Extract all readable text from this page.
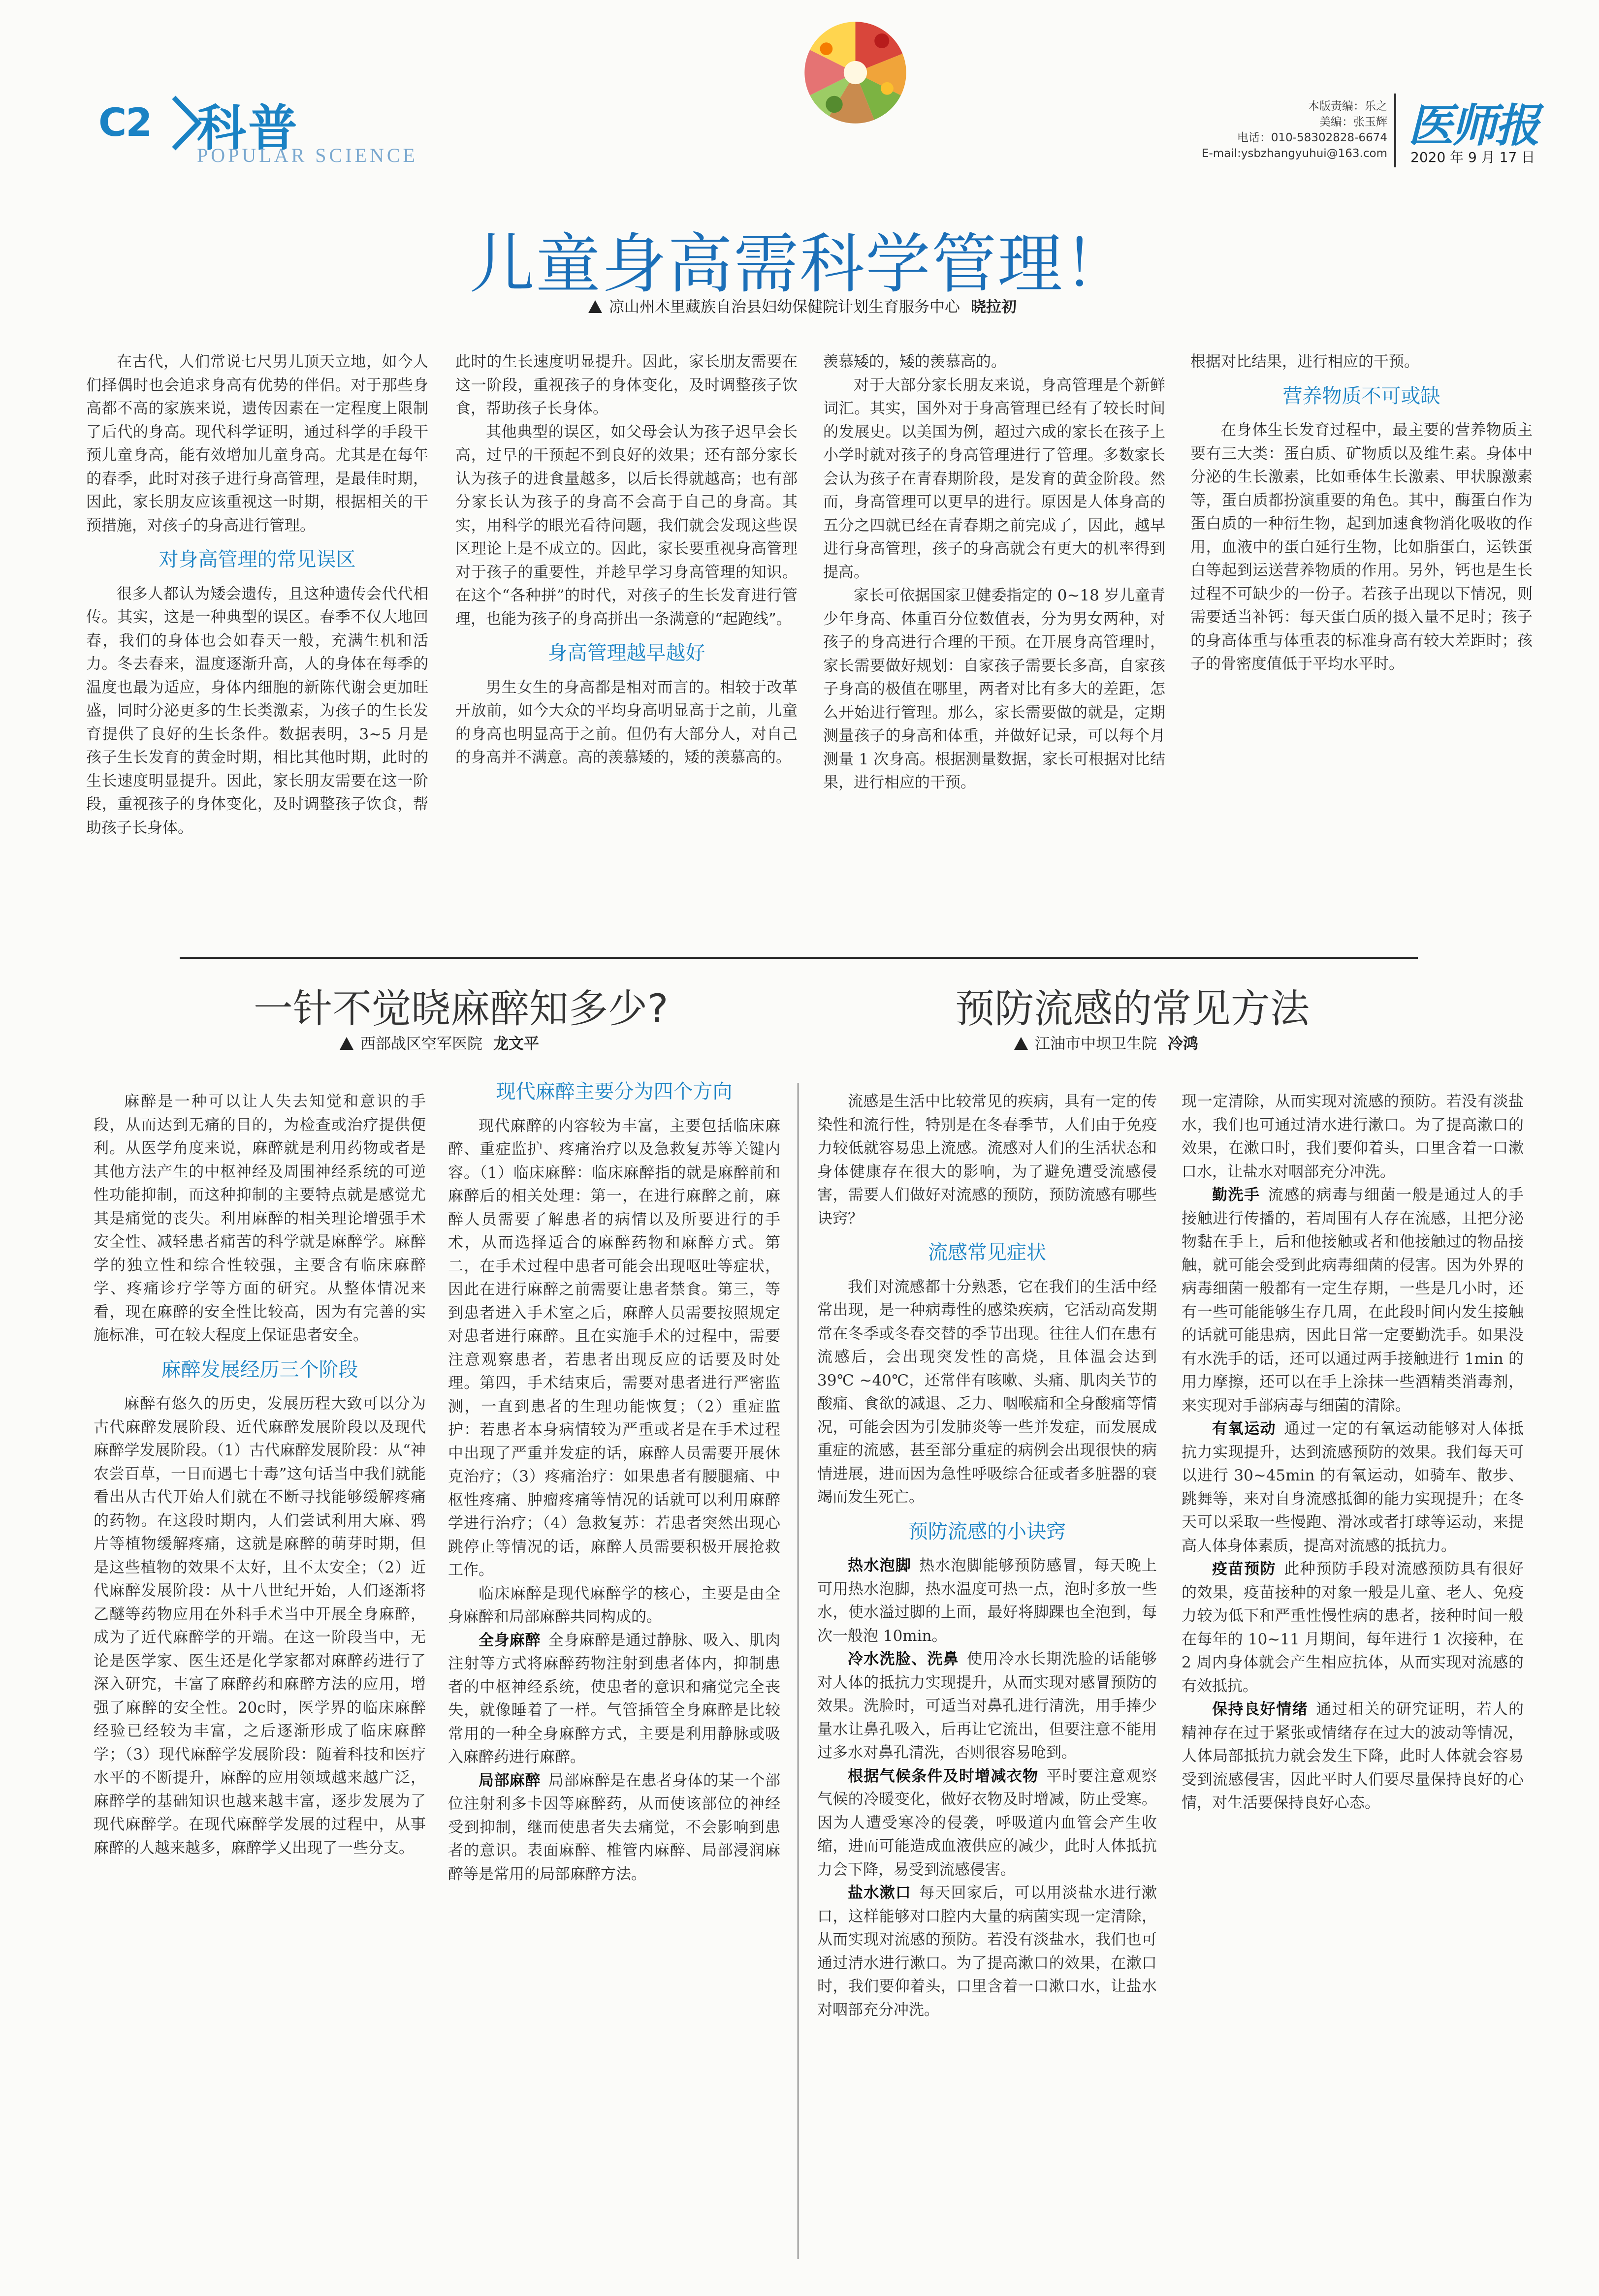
C2 科普
POPULAR SCIENCE
本版责编：乐之
美编：张玉辉
电话：010-58302828-6674
E-mail:ysbzhangyuhui@163.com
医师报
2020 年 9 月 17 日
儿童身高需科学管理！
凉山州木里藏族自治县妇幼保健院计划生育服务中心 晓拉初

在古代，人们常说七尺男儿顶天立地，如今人们择偶时也会追求身高有优势的伴侣。对于那些身高都不高的家族来说，遗传因素在一定程度上限制了后代的身高。现代科学证明，通过科学的手段干预儿童身高，能有效增加儿童身高。尤其是在每年的春季，此时对孩子进行身高管理，是最佳时期，因此，家长朋友应该重视这一时期，根据相关的干预措施，对孩子的身高进行管理。

对身高管理的常见误区

很多人都认为矮会遗传，且这种遗传会代代相传。其实，这是一种典型的误区。春季不仅大地回春，我们的身体也会如春天一般，充满生机和活力。冬去春来，温度逐渐升高，人的身体在每季的温度也最为适应，身体内细胞的新陈代谢会更加旺盛，同时分泌更多的生长类激素，为孩子的生长发育提供了良好的生长条件。数据表明，3~5 月是孩子生长发育的黄金时期，相比其他时期，此时的生长速度明显提升。因此，家长朋友需要在这一阶段，重视孩子的身体变化，及时调整孩子饮食，帮助孩子长身体。

此时的生长速度明显提升。因此，家长朋友需要在这一阶段，重视孩子的身体变化，及时调整孩子饮食，帮助孩子长身体。

其他典型的误区，如父母会认为孩子迟早会长高，过早的干预起不到良好的效果；还有部分家长认为孩子的进食量越多，以后长得就越高；也有部分家长认为孩子的身高不会高于自己的身高。其实，用科学的眼光看待问题，我们就会发现这些误区理论上是不成立的。因此，家长要重视身高管理对于孩子的重要性，并趁早学习身高管理的知识。在这个“各种拼”的时代，对孩子的生长发育进行管理，也能为孩子的身高拼出一条满意的“起跑线”。

身高管理越早越好

男生女生的身高都是相对而言的。相较于改革开放前，如今大众的平均身高明显高于之前，儿童的身高也明显高于之前。但仍有大部分人，对自己的身高并不满意。高的羡慕矮的，矮的羡慕高的。

羡慕矮的，矮的羡慕高的。

对于大部分家长朋友来说，身高管理是个新鲜词汇。其实，国外对于身高管理已经有了较长时间的发展史。以美国为例，超过六成的家长在孩子上小学时就对孩子的身高管理进行了管理。多数家长会认为孩子在青春期阶段，是发育的黄金阶段。然而，身高管理可以更早的进行。原因是人体身高的五分之四就已经在青春期之前完成了，因此，越早进行身高管理，孩子的身高就会有更大的机率得到提高。

家长可依据国家卫健委指定的 0~18 岁儿童青少年身高、体重百分位数值表，分为男女两种，对孩子的身高进行合理的干预。在开展身高管理时，家长需要做好规划：自家孩子需要长多高，自家孩子身高的极值在哪里，两者对比有多大的差距，怎么开始进行管理。那么，家长需要做的就是，定期测量孩子的身高和体重，并做好记录，可以每个月测量 1 次身高。根据测量数据，家长可根据对比结果，进行相应的干预。

根据对比结果，进行相应的干预。

营养物质不可或缺

在身体生长发育过程中，最主要的营养物质主要有三大类：蛋白质、矿物质以及维生素。身体中分泌的生长激素，比如垂体生长激素、甲状腺激素等，蛋白质都扮演重要的角色。其中，酶蛋白作为蛋白质的一种衍生物，起到加速食物消化吸收的作用，血液中的蛋白延行生物，比如脂蛋白，运铁蛋白等起到运送营养物质的作用。另外，钙也是生长过程不可缺少的一份子。若孩子出现以下情况，则需要适当补钙：每天蛋白质的摄入量不足时；孩子的身高体重与体重表的标准身高有较大差距时；孩子的骨密度值低于平均水平时。

一针不觉晓麻醉知多少?
西部战区空军医院 龙文平

麻醉是一种可以让人失去知觉和意识的手段，从而达到无痛的目的，为检查或治疗提供便利。从医学角度来说，麻醉就是利用药物或者是其他方法产生的中枢神经及周围神经系统的可逆性功能抑制，而这种抑制的主要特点就是感觉尤其是痛觉的丧失。利用麻醉的相关理论增强手术安全性、减轻患者痛苦的科学就是麻醉学。麻醉学的独立性和综合性较强，主要含有临床麻醉学、疼痛诊疗学等方面的研究。从整体情况来看，现在麻醉的安全性比较高，因为有完善的实施标准，可在较大程度上保证患者安全。

麻醉发展经历三个阶段

麻醉有悠久的历史，发展历程大致可以分为古代麻醉发展阶段、近代麻醉发展阶段以及现代麻醉学发展阶段。（1）古代麻醉发展阶段：从“神农尝百草，一日而遇七十毒”这句话当中我们就能看出从古代开始人们就在不断寻找能够缓解疼痛的药物。在这段时期内，人们尝试利用大麻、鸦片等植物缓解疼痛，这就是麻醉的萌芽时期，但是这些植物的效果不太好，且不太安全；（2）近代麻醉发展阶段：从十八世纪开始，人们逐渐将乙醚等药物应用在外科手术当中开展全身麻醉，成为了近代麻醉学的开端。在这一阶段当中，无论是医学家、医生还是化学家都对麻醉药进行了深入研究，丰富了麻醉药和麻醉方法的应用，增强了麻醉的安全性。20c时，医学界的临床麻醉经验已经较为丰富，之后逐渐形成了临床麻醉学；（3）现代麻醉学发展阶段：随着科技和医疗水平的不断提升，麻醉的应用领域越来越广泛，麻醉学的基础知识也越来越丰富，逐步发展为了现代麻醉学。在现代麻醉学发展的过程中，从事麻醉的人越来越多，麻醉学又出现了一些分支。

现代麻醉主要分为四个方向

现代麻醉的内容较为丰富，主要包括临床麻醉、重症监护、疼痛治疗以及急救复苏等关键内容。（1）临床麻醉：临床麻醉指的就是麻醉前和麻醉后的相关处理：第一，在进行麻醉之前，麻醉人员需要了解患者的病情以及所要进行的手术，从而选择适合的麻醉药物和麻醉方式。第二，在手术过程中患者可能会出现呕吐等症状，因此在进行麻醉之前需要让患者禁食。第三，等到患者进入手术室之后，麻醉人员需要按照规定对患者进行麻醉。且在实施手术的过程中，需要注意观察患者，若患者出现反应的话要及时处理。第四，手术结束后，需要对患者进行严密监测，一直到患者的生理功能恢复；（2）重症监护：若患者本身病情较为严重或者是在手术过程中出现了严重并发症的话，麻醉人员需要开展休克治疗；（3）疼痛治疗：如果患者有腰腿痛、中枢性疼痛、肿瘤疼痛等情况的话就可以利用麻醉学进行治疗；（4）急救复苏：若患者突然出现心跳停止等情况的话，麻醉人员需要积极开展抢救工作。

临床麻醉是现代麻醉学的核心，主要是由全身麻醉和局部麻醉共同构成的。

全身麻醉 全身麻醉是通过静脉、吸入、肌肉注射等方式将麻醉药物注射到患者体内，抑制患者的中枢神经系统，使患者的意识和痛觉完全丧失，就像睡着了一样。气管插管全身麻醉是比较常用的一种全身麻醉方式，主要是利用静脉或吸入麻醉药进行麻醉。

局部麻醉 局部麻醉是在患者身体的某一个部位注射利多卡因等麻醉药，从而使该部位的神经受到抑制，继而使患者失去痛觉，不会影响到患者的意识。表面麻醉、椎管内麻醉、局部浸润麻醉等是常用的局部麻醉方法。

预防流感的常见方法
江油市中坝卫生院 冷鸿

流感是生活中比较常见的疾病，具有一定的传染性和流行性，特别是在冬春季节，人们由于免疫力较低就容易患上流感。流感对人们的生活状态和身体健康存在很大的影响，为了避免遭受流感侵害，需要人们做好对流感的预防，预防流感有哪些诀窍？

流感常见症状

我们对流感都十分熟悉，它在我们的生活中经常出现，是一种病毒性的感染疾病，它活动高发期常在冬季或冬春交替的季节出现。往往人们在患有流感后，会出现突发性的高烧，且体温会达到 39℃ ~40℃，还常伴有咳嗽、头痛、肌肉关节的酸痛、食欲的减退、乏力、咽喉痛和全身酸痛等情况，可能会因为引发肺炎等一些并发症，而发展成重症的流感，甚至部分重症的病例会出现很快的病情进展，进而因为急性呼吸综合征或者多脏器的衰竭而发生死亡。

预防流感的小诀窍

热水泡脚 热水泡脚能够预防感冒，每天晚上可用热水泡脚，热水温度可热一点，泡时多放一些水，使水溢过脚的上面，最好将脚踝也全泡到，每次一般泡 10min。

冷水洗脸、洗鼻 使用冷水长期洗脸的话能够对人体的抵抗力实现提升，从而实现对感冒预防的效果。洗脸时，可适当对鼻孔进行清洗，用手捧少量水让鼻孔吸入，后再让它流出，但要注意不能用过多水对鼻孔清洗，否则很容易呛到。

根据气候条件及时增减衣物 平时要注意观察气候的冷暖变化，做好衣物及时增减，防止受寒。因为人遭受寒冷的侵袭，呼吸道内血管会产生收缩，进而可能造成血液供应的减少，此时人体抵抗力会下降，易受到流感侵害。

盐水漱口 每天回家后，可以用淡盐水进行漱口，这样能够对口腔内大量的病菌实现一定清除，从而实现对流感的预防。若没有淡盐水，我们也可通过清水进行漱口。为了提高漱口的效果，在漱口时，我们要仰着头，口里含着一口漱口水，让盐水对咽部充分冲洗。

现一定清除，从而实现对流感的预防。若没有淡盐水，我们也可通过清水进行漱口。为了提高漱口的效果，在漱口时，我们要仰着头，口里含着一口漱口水，让盐水对咽部充分冲洗。

勤洗手 流感的病毒与细菌一般是通过人的手接触进行传播的，若周围有人存在流感，且把分泌物黏在手上，后和他接触或者和他接触过的物品接触，就可能会受到此病毒细菌的侵害。因为外界的病毒细菌一般都有一定生存期，一些是几小时，还有一些可能能够生存几周，在此段时间内发生接触的话就可能患病，因此日常一定要勤洗手。如果没有水洗手的话，还可以通过两手接触进行 1min 的用力摩擦，还可以在手上涂抹一些酒精类消毒剂，来实现对手部病毒与细菌的清除。

有氧运动 通过一定的有氧运动能够对人体抵抗力实现提升，达到流感预防的效果。我们每天可以进行 30~45min 的有氧运动，如骑车、散步、跳舞等，来对自身流感抵御的能力实现提升；在冬天可以采取一些慢跑、滑冰或者打球等运动，来提高人体身体素质，提高对流感的抵抗力。

疫苗预防 此种预防手段对流感预防具有很好的效果，疫苗接种的对象一般是儿童、老人、免疫力较为低下和严重性慢性病的患者，接种时间一般在每年的 10~11 月期间，每年进行 1 次接种，在 2 周内身体就会产生相应抗体，从而实现对流感的有效抵抗。

保持良好情绪 通过相关的研究证明，若人的精神存在过于紧张或情绪存在过大的波动等情况，人体局部抵抗力就会发生下降，此时人体就会容易受到流感侵害，因此平时人们要尽量保持良好的心情，对生活要保持良好心态。
